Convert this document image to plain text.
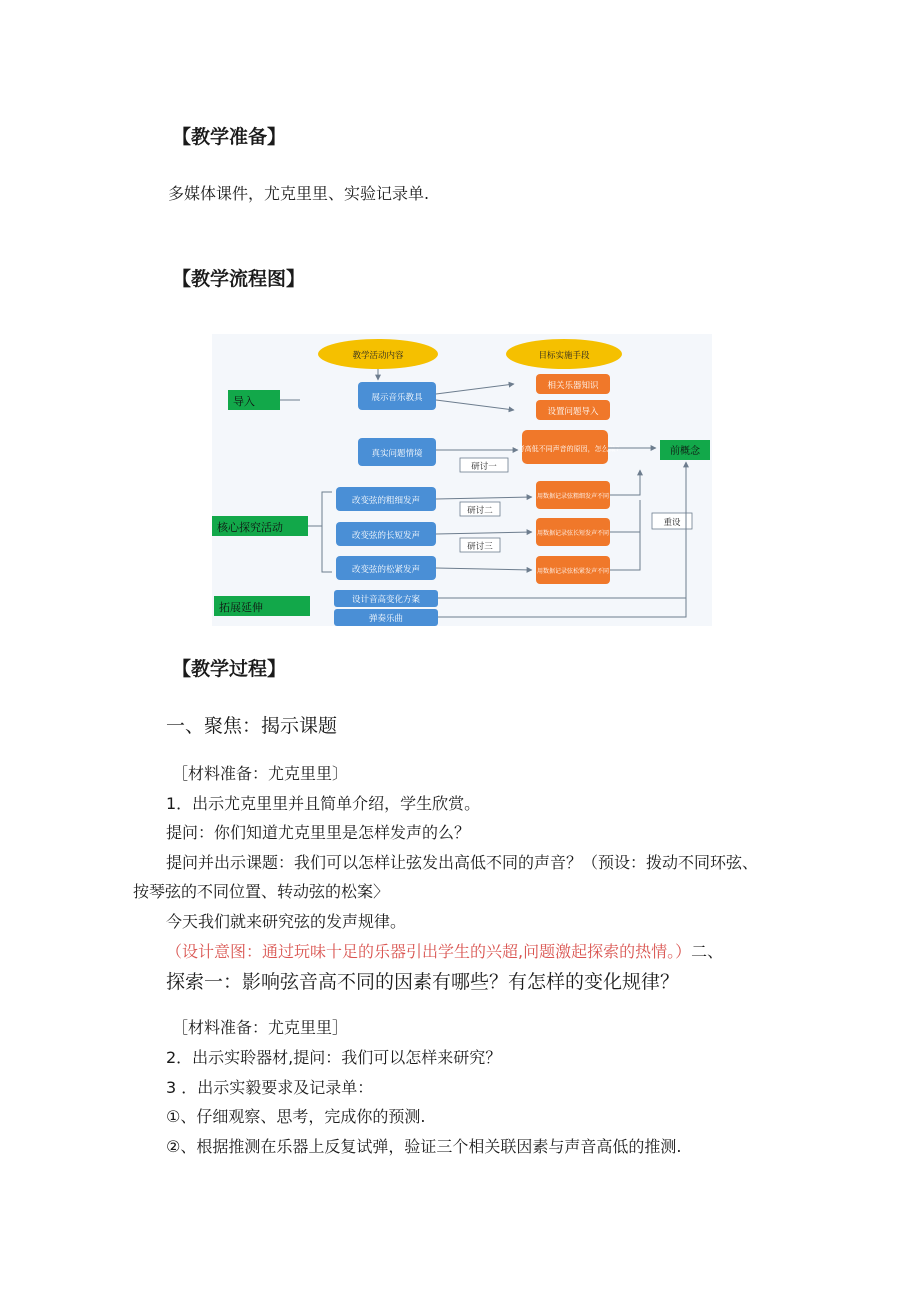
【教学准备】
多媒体课件，尤克里里、实验记录单.
【教学流程图】
教学活动内容	目标实施手段
导入
核心探究活动
拓展延伸
展示音乐教具
真实问题情境
改变弦的粗细发声
改变弦的长短发声
改变弦的松紧发声
设计音高变化方案
弹奏乐曲
相关乐器知识
设置问题导入
思考高低不同声音的原因，怎么做?
用数据记录弦粗细发声不同
用数据记录弦长短发声不同
用数据记录弦松紧发声不同
前概念
研讨一
研讨二
研讨三
重设
【教学过程】
一、聚焦：揭示课题
［材料准备：尤克里里〕
1．出示尤克里里并且简单介绍，学生欣赏。
提问：你们知道尤克里里是怎样发声的么？
提问并出示课题：我们可以怎样让弦发出高低不同的声音？（预设：拨动不同环弦、
按琴弦的不同位置、转动弦的松案〉
今天我们就来研究弦的发声规律。
（设计意图：通过玩味十足的乐器引出学生的兴超,问题激起探索的热情。）二、
探索一：影响弦音高不同的因素有哪些？有怎样的变化规律？
［材料准备：尤克里里］
2．出示实聆器材,提问：我们可以怎样来研究？
3 ．出示实毅要求及记录单：
①、仔细观察、思考，完成你的预测.
②、根据推测在乐器上反复试弹，验证三个相关联因素与声音高低的推测.
